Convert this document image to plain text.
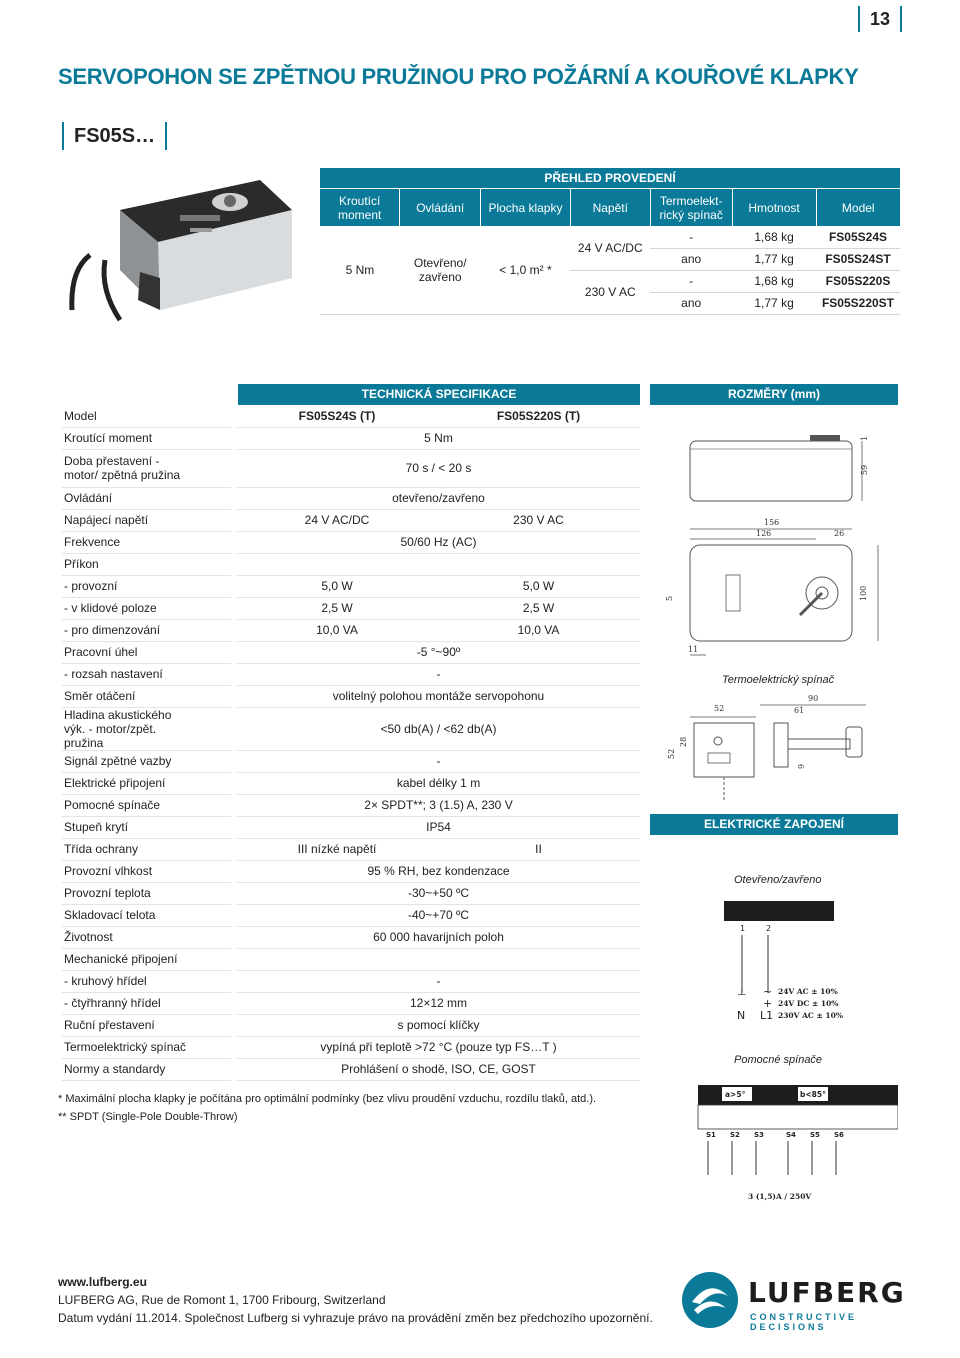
13
SERVOPOHON SE ZPĚTNOU PRUŽINOU PRO POŽÁRNÍ A KOUŘOVÉ KLAPKY
FS05S…
PŘEHLED PROVEDENÍ
Kroutící moment	Ovládání	Plocha klapky	Napětí	Termoelekt-rický spínač	Hmotnost	Model
5 Nm	Otevřeno/ zavřeno	< 1,0 m² *	24 V AC/DC	-	1,68 kg	FS05S24S
				ano	1,77 kg	FS05S24ST
			230 V AC	-	1,68 kg	FS05S220S
				ano	1,77 kg	FS05S220ST
TECHNICKÁ SPECIFIKACE
Model	FS05S24S (T)	FS05S220S (T)
Kroutící moment	5 Nm	
Doba přestavení - motor/ zpětná pružina	70 s / < 20 s	
Ovládání	otevřeno/zavřeno	
Napájecí napětí	24 V AC/DC	230 V AC
Frekvence	50/60 Hz (AC)	
Příkon		
- provozní	5,0 W	5,0 W
- v klidové poloze	2,5 W	2,5 W
- pro dimenzování	10,0 VA	10,0 VA
Pracovní úhel	-5 °~90º	
- rozsah nastavení	-	
Směr otáčení	volitelný polohou montáže servopohonu	
Hladina akustického výk. - motor/zpět. pružina	<50 db(A) / <62 db(A)	
Signál zpětné vazby	-	
Elektrické připojení	kabel délky 1 m	
Pomocné spínače	2× SPDT**; 3 (1.5) A, 230 V	
Stupeň krytí	IP54	
Třída ochrany	III nízké napětí	II
Provozní vlhkost	95 % RH, bez kondenzace	
Provozní teplota	-30~+50 ºC	
Skladovací telota	-40~+70 ºC	
Životnost	60 000 havarijních poloh	
Mechanické připojení		
- kruhový hřídel	-	
- čtyřhranný hřídel	12×12 mm	
Ruční přestavení	s pomocí klíčky	
Termoelektrický spínač	vypíná při teplotě >72 °C (pouze typ FS…T )	
Normy a standardy	Prohlášení o shodě, ISO, CE, GOST	
ROZMĚRY (mm)
59
1
156
126	26
100
5
11
Termoelektrický spínač
90
61
52
52
28
9
ELEKTRICKÉ ZAPOJENÍ
Otevřeno/zavřeno
1	2
⊥ ~
+
N L1
24V AC ± 10%
24V DC ± 10%
230V AC ± 10%
Pomocné spínače
a>5°	b<85°
S1 S2 S3	S4 S5 S6
3 (1,5)A / 250V
* Maximální plocha klapky je počítána pro optimální podmínky (bez vlivu proudění vzduchu, rozdílu tlaků, atd.).
** SPDT (Single-Pole Double-Throw)
www.lufberg.eu
LUFBERG AG, Rue de Romont 1, 1700 Fribourg, Switzerland
Datum vydání 11.2014. Společnost Lufberg si vyhrazuje právo na provádění změn bez předchozího upozornění.
LUFBERG
CONSTRUCTIVE DECISIONS
